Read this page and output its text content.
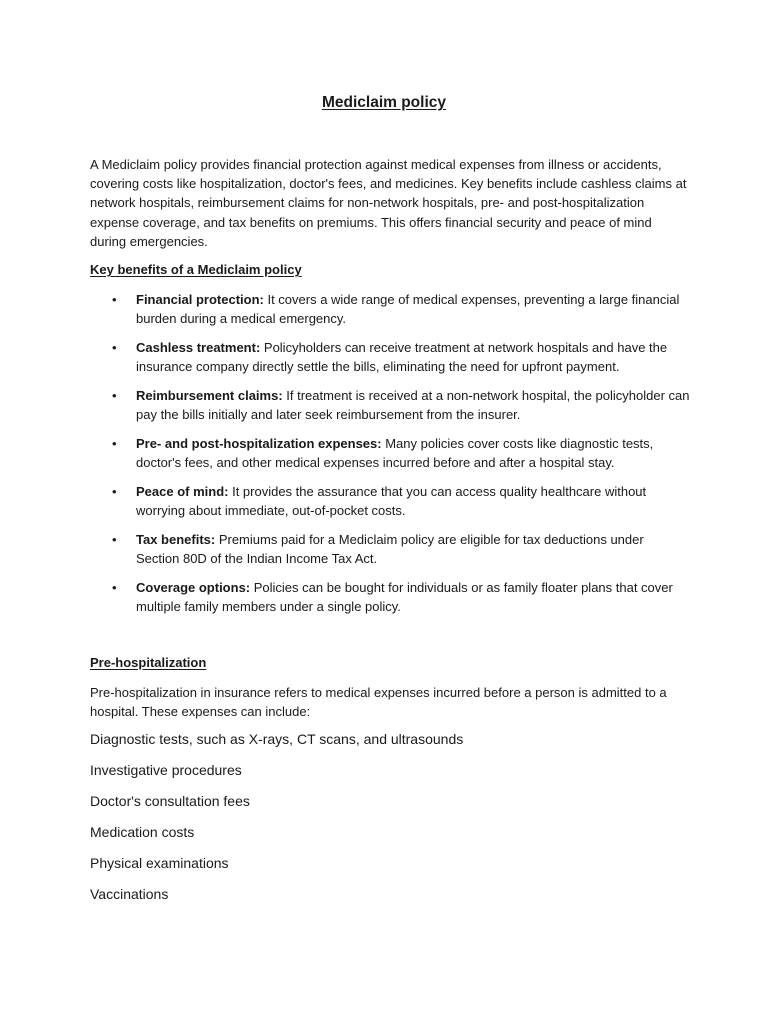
Mediclaim policy

A Mediclaim policy provides financial protection against medical expenses from illness or accidents, covering costs like hospitalization, doctor's fees, and medicines. Key benefits include cashless claims at network hospitals, reimbursement claims for non-network hospitals, pre- and post-hospitalization expense coverage, and tax benefits on premiums. This offers financial security and peace of mind during emergencies.

Key benefits of a Mediclaim policy
• Financial protection: It covers a wide range of medical expenses, preventing a large financial burden during a medical emergency.
• Cashless treatment: Policyholders can receive treatment at network hospitals and have the insurance company directly settle the bills, eliminating the need for upfront payment.
• Reimbursement claims: If treatment is received at a non-network hospital, the policyholder can pay the bills initially and later seek reimbursement from the insurer.
• Pre- and post-hospitalization expenses: Many policies cover costs like diagnostic tests, doctor's fees, and other medical expenses incurred before and after a hospital stay.
• Peace of mind: It provides the assurance that you can access quality healthcare without worrying about immediate, out-of-pocket costs.
• Tax benefits: Premiums paid for a Mediclaim policy are eligible for tax deductions under Section 80D of the Indian Income Tax Act.
• Coverage options: Policies can be bought for individuals or as family floater plans that cover multiple family members under a single policy.
Pre-hospitalization

Pre-hospitalization in insurance refers to medical expenses incurred before a person is admitted to a hospital. These expenses can include:

Diagnostic tests, such as X-rays, CT scans, and ultrasounds
Investigative procedures
Doctor's consultation fees
Medication costs
Physical examinations
Vaccinations
